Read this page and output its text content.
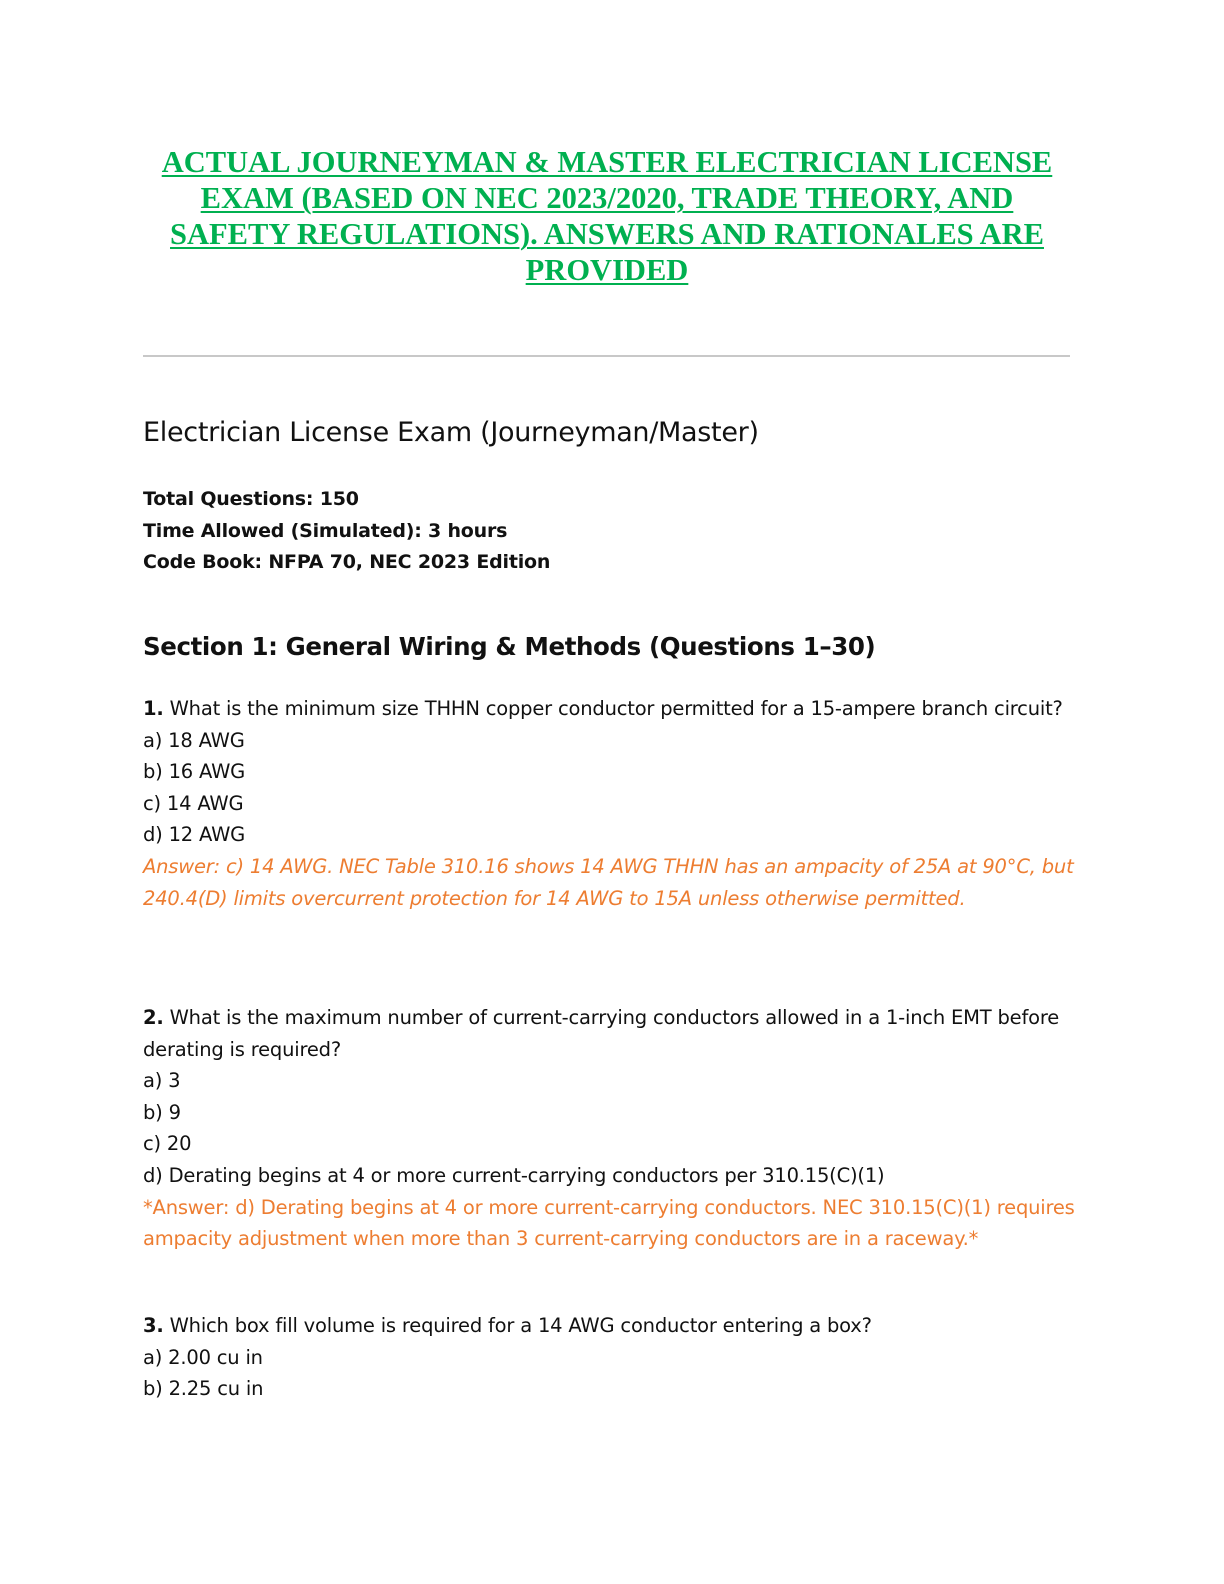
ACTUAL JOURNEYMAN & MASTER ELECTRICIAN LICENSE EXAM (BASED ON NEC 2023/2020, TRADE THEORY, AND SAFETY REGULATIONS). ANSWERS AND RATIONALES ARE PROVIDED
Electrician License Exam (Journeyman/Master)
Total Questions: 150
Time Allowed (Simulated): 3 hours
Code Book: NFPA 70, NEC 2023 Edition
Section 1: General Wiring & Methods (Questions 1–30)
1. What is the minimum size THHN copper conductor permitted for a 15-ampere branch circuit?
a) 18 AWG
b) 16 AWG
c) 14 AWG
d) 12 AWG
Answer: c) 14 AWG. NEC Table 310.16 shows 14 AWG THHN has an ampacity of 25A at 90°C, but 240.4(D) limits overcurrent protection for 14 AWG to 15A unless otherwise permitted.
2. What is the maximum number of current-carrying conductors allowed in a 1-inch EMT before derating is required?
a) 3
b) 9
c) 20
d) Derating begins at 4 or more current-carrying conductors per 310.15(C)(1)
*Answer: d) Derating begins at 4 or more current-carrying conductors. NEC 310.15(C)(1) requires ampacity adjustment when more than 3 current-carrying conductors are in a raceway.*
3. Which box fill volume is required for a 14 AWG conductor entering a box?
a) 2.00 cu in
b) 2.25 cu in
